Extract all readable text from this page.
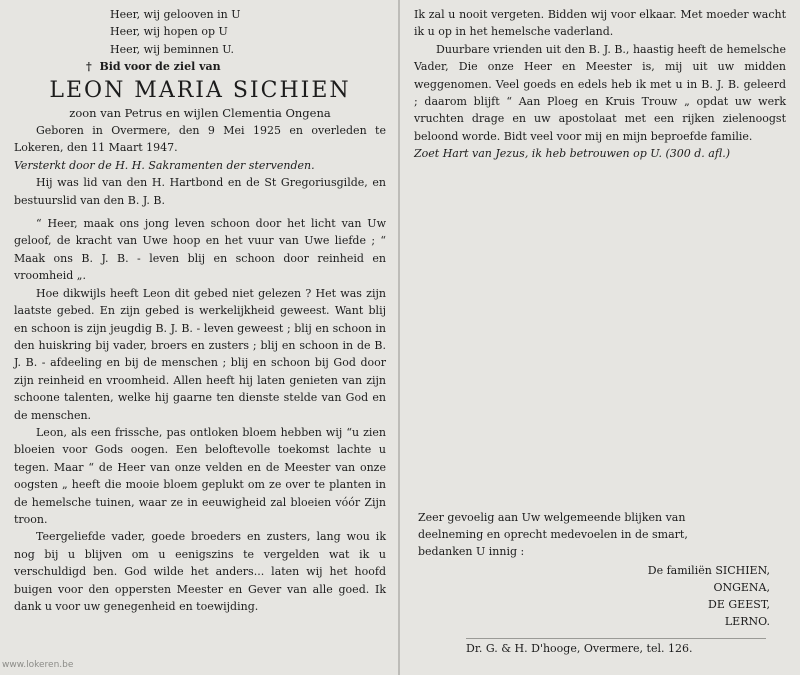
Heer, wij gelooven in U
Heer, wij hopen op U
Heer, wij beminnen U.
† Bid voor de ziel van
LEON MARIA SICHIEN
zoon van Petrus en wijlen Clementia Ongena

Geboren in Overmere, den 9 Mei 1925 en overleden te Lokeren, den 11 Maart 1947.

Versterkt door de H. H. Sakramenten der stervenden.

Hij was lid van den H. Hartbond en de St Gregoriusgilde, en bestuurslid van den B. J. B.

“ Heer, maak ons jong leven schoon door het licht van Uw geloof, de kracht van Uwe hoop en het vuur van Uwe liefde ; “ Maak ons B. J. B. - leven blij en schoon door reinheid en vroomheid „.

Hoe dikwijls heeft Leon dit gebed niet gelezen ? Het was zijn laatste gebed. En zijn gebed is werkelijkheid geweest. Want blij en schoon is zijn jeugdig B. J. B. - leven geweest ; blij en schoon in den huiskring bij vader, broers en zusters ; blij en schoon in de B. J. B. - afdeeling en bij de menschen ; blij en schoon bij God door zijn reinheid en vroomheid. Allen heeft hij laten genieten van zijn schoone talenten, welke hij gaarne ten dienste stelde van God en de menschen.

Leon, als een frissche, pas ontloken bloem hebben wij “u zien bloeien voor Gods oogen. Een beloftevolle toekomst lachte u tegen. Maar “ de Heer van onze velden en de Meester van onze oogsten „ heeft die mooie bloem geplukt om ze over te planten in de hemelsche tuinen, waar ze in eeuwigheid zal bloeien vóór Zijn troon.

Teergeliefde vader, goede broeders en zusters, lang wou ik nog bij u blijven om u eenigszins te vergelden wat ik u verschuldigd ben. God wilde het anders... laten wij het hoofd buigen voor den oppersten Meester en Gever van alle goed. Ik dank u voor uw genegenheid en toewijding.

Ik zal u nooit vergeten. Bidden wij voor elkaar. Met moeder wacht ik u op in het hemelsche vaderland.

Duurbare vrienden uit den B. J. B., haastig heeft de hemelsche Vader, Die onze Heer en Meester is, mij uit uw midden weggenomen. Veel goeds en edels heb ik met u in B. J. B. geleerd ; daarom blijft “ Aan Ploeg en Kruis Trouw „ opdat uw werk vruchten drage en uw apostolaat met een rijken zielenoogst beloond worde. Bidt veel voor mij en mijn beproefde familie.

Zoet Hart van Jezus, ik heb betrouwen op U. (300 d. afl.)

Zeer gevoelig aan Uw welgemeende blijken van deelneming en oprecht medevoelen in de smart, bedanken U innig :
De familiën SICHIEN,
ONGENA,
DE GEEST,
LERNO.
Dr. G. & H. D'hooge, Overmere, tel. 126.
www.lokeren.be
